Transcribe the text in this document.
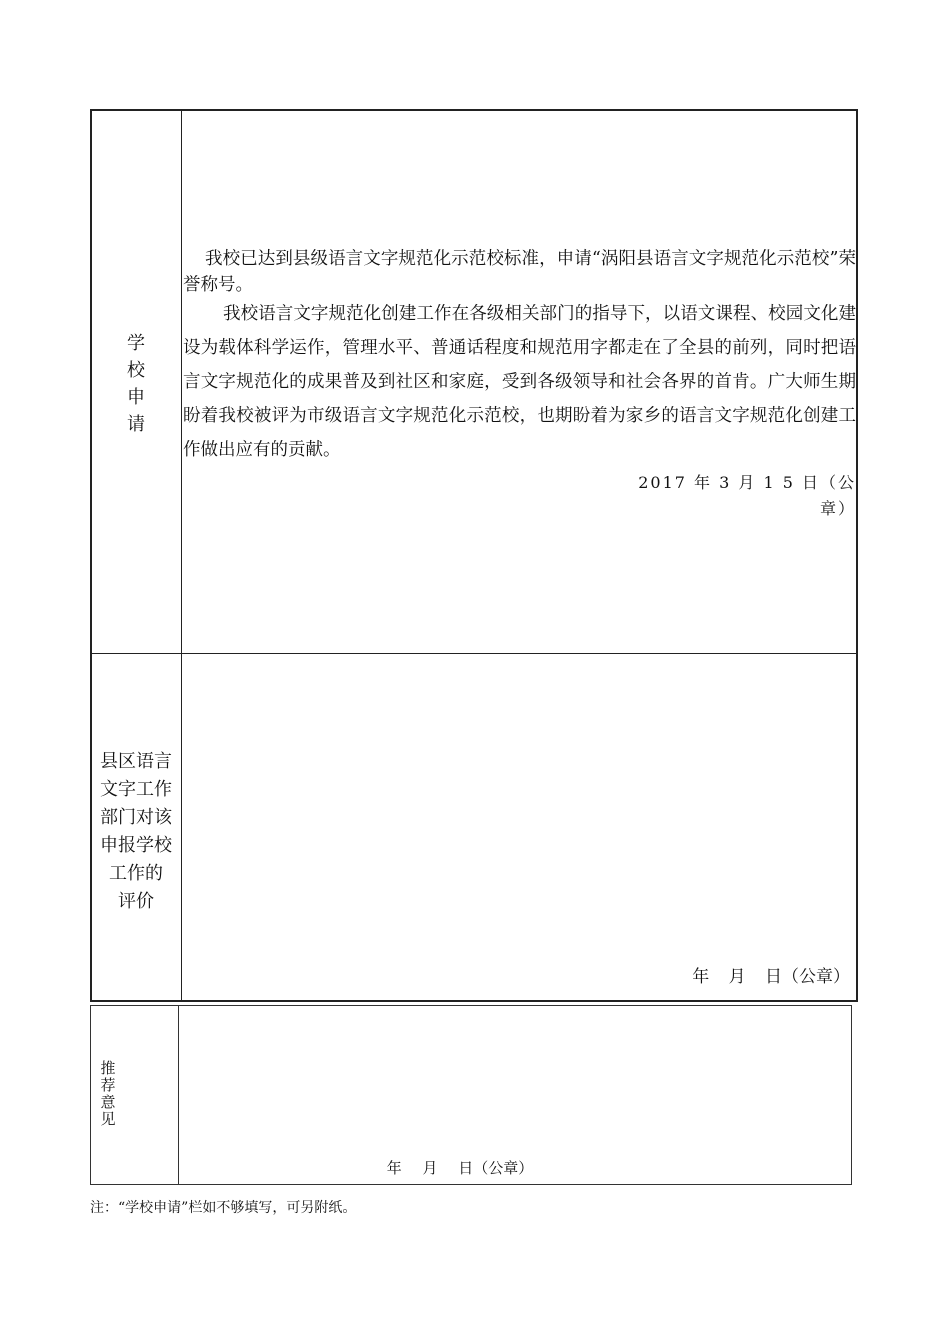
学
校
申
请

我校已达到县级语言文字规范化示范校标准，申请“涡阳县语言文字规范化示范校”荣誉称号。

我校语言文字规范化创建工作在各级相关部门的指导下，以语文课程、校园文化建设为载体科学运作，管理水平、普通话程度和规范用字都走在了全县的前列，同时把语言文字规范化的成果普及到社区和家庭，受到各级领导和社会各界的首肯。广大师生期盼着我校被评为市级语言文字规范化示范校，也期盼着为家乡的语言文字规范化创建工作做出应有的贡献。

2017 年 3 月 1 5 日（公
章）
县区语言
文字工作
部门对该
申报学校
工作的
评价
年 月 日（公章）
推
荐
意
见
年 月 日（公章）
注：“学校申请”栏如不够填写，可另附纸。
